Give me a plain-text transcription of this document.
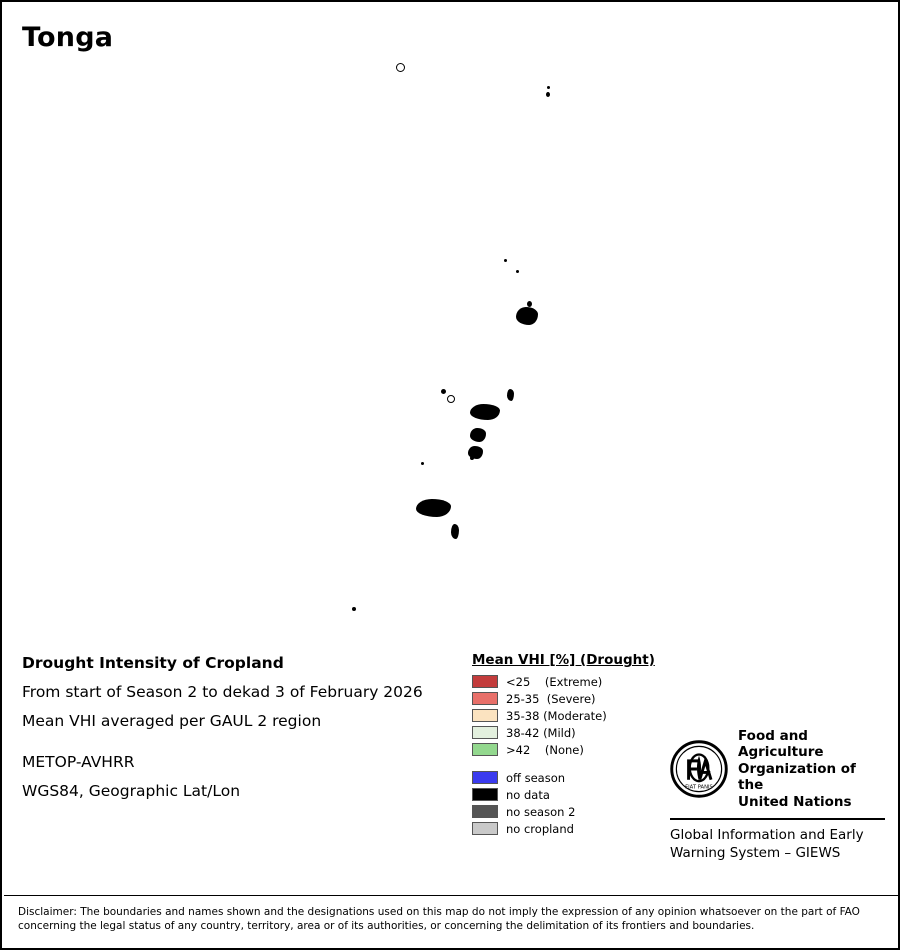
Tonga
Drought Intensity of Cropland
From start of Season 2 to dekad 3 of February 2026
Mean VHI averaged per GAUL 2 region
METOP-AVHRR
WGS84, Geographic Lat/Lon
Mean VHI [%] (Drought)
<25    (Extreme)
25-35  (Severe)
35-38 (Moderate)
38-42 (Mild)
>42    (None)
off season
no data
no season 2
no cropland
FIAT PANIS
Food and Agriculture
Organization of the
United Nations
Global Information and Early
Warning System – GIEWS
Disclaimer: The boundaries and names shown and the designations used on this map do not imply the expression of any opinion whatsoever on the part of FAO concerning the legal status of any country, territory, area or of its authorities, or concerning the delimitation of its frontiers and boundaries.
